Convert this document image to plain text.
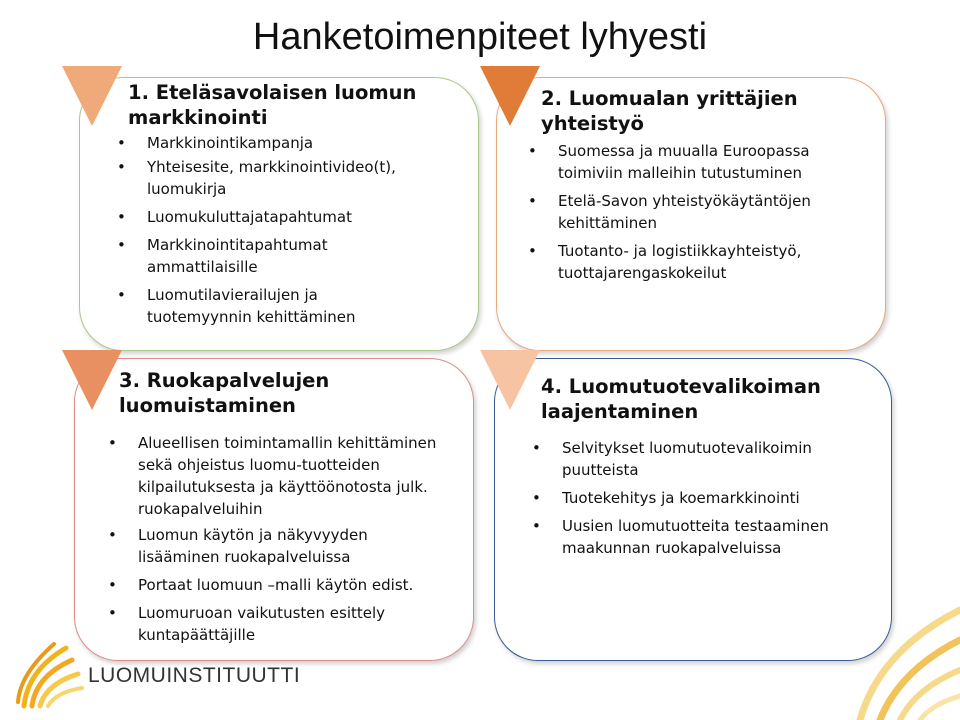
Hanketoimenpiteet lyhyesti
1. Eteläsavolaisen luomun markkinointi
• Markkinointikampanja
• Yhteisesite, markkinointivideo(t), luomukirja
• Luomukuluttajatapahtumat
• Markkinointitapahtumat ammattilaisille
• Luomutilavierailujen ja tuotemyynnin kehittäminen
2. Luomualan yrittäjien yhteistyö
• Suomessa ja muualla Euroopassa toimiviin malleihin tutustuminen
• Etelä-Savon yhteistyökäytäntöjen kehittäminen
• Tuotanto- ja logistiikkayhteistyö, tuottajarengaskokeilut
3. Ruokapalvelujen luomuistaminen
• Alueellisen toimintamallin kehittäminen sekä ohjeistus luomu-tuotteiden kilpailutuksesta ja käyttöönotosta julk. ruokapalveluihin
• Luomun käytön ja näkyvyyden lisääminen ruokapalveluissa
• Portaat luomuun –malli käytön edist.
• Luomuruoan vaikutusten esittely kuntapäättäjille
4. Luomutuotevalikoiman laajentaminen
• Selvitykset luomutuotevalikoimin puutteista
• Tuotekehitys ja koemarkkinointi
• Uusien luomutuotteita testaaminen maakunnan ruokapalveluissa
LUOMUINSTITUUTTI
